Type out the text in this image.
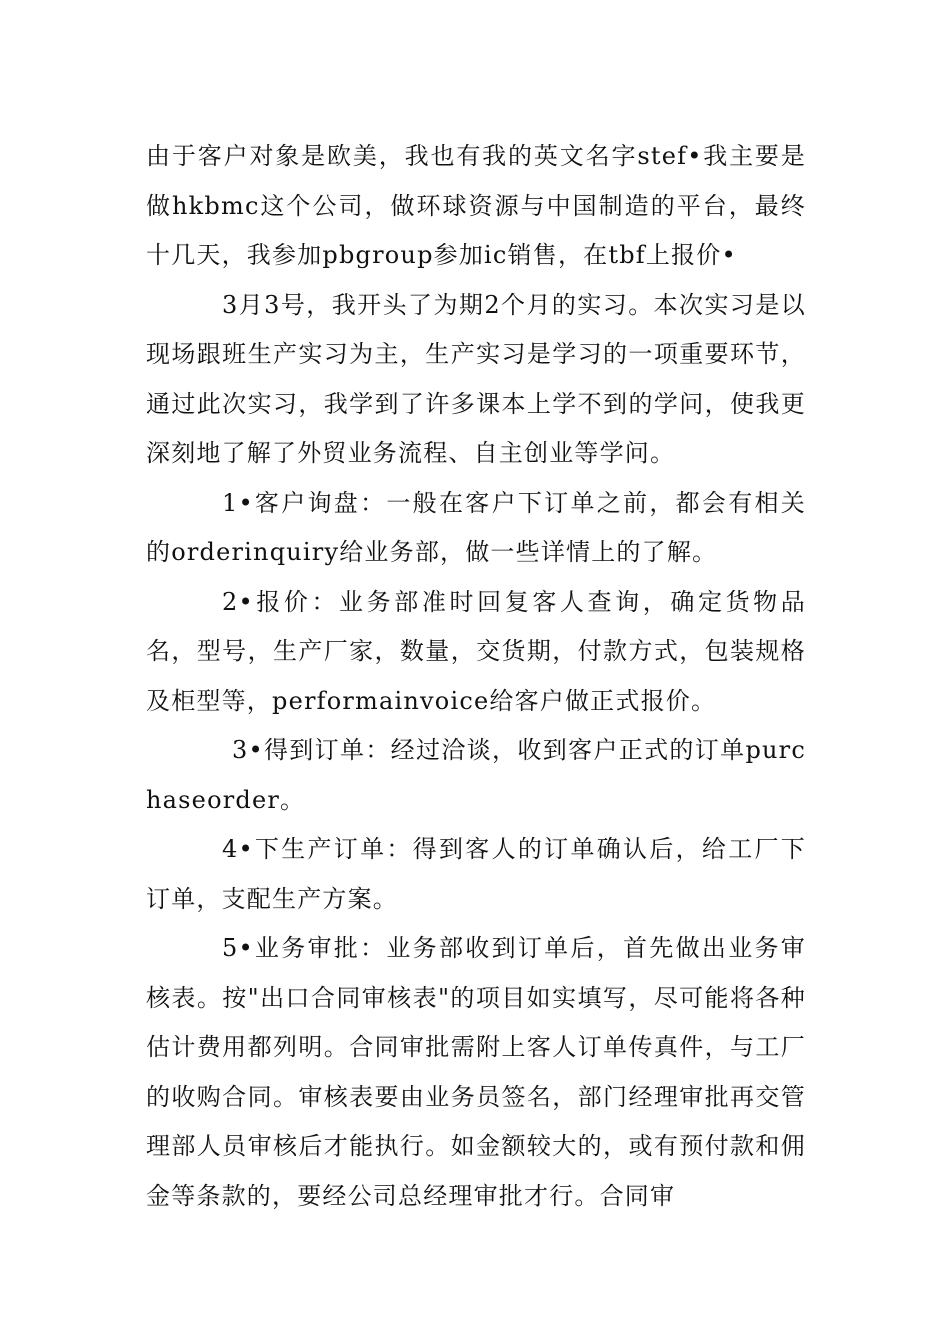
由于客户对象是欧美，我也有我的英文名字stef•我主要是做hkbmc这个公司，做环球资源与中国制造的平台，最终十几天，我参加pbgroup参加ic销售，在tbf上报价•

3月3号，我开头了为期2个月的实习。本次实习是以现场跟班生产实习为主，生产实习是学习的一项重要环节，通过此次实习，我学到了许多课本上学不到的学问，使我更深刻地了解了外贸业务流程、自主创业等学问。

1•客户询盘：一般在客户下订单之前，都会有相关的orderinquiry给业务部，做一些详情上的了解。

2•报价：业务部准时回复客人查询，确定货物品名，型号，生产厂家，数量，交货期，付款方式，包装规格及柜型等，performainvoice给客户做正式报价。

3•得到订单：经过洽谈，收到客户正式的订单purchaseorder。

4•下生产订单：得到客人的订单确认后，给工厂下订单，支配生产方案。

5•业务审批：业务部收到订单后，首先做出业务审核表。按"出口合同审核表"的项目如实填写，尽可能将各种估计费用都列明。合同审批需附上客人订单传真件，与工厂的收购合同。审核表要由业务员签名，部门经理审批再交管理部人员审核后才能执行。如金额较大的，或有预付款和佣金等条款的，要经公司总经理审批才行。合同审
